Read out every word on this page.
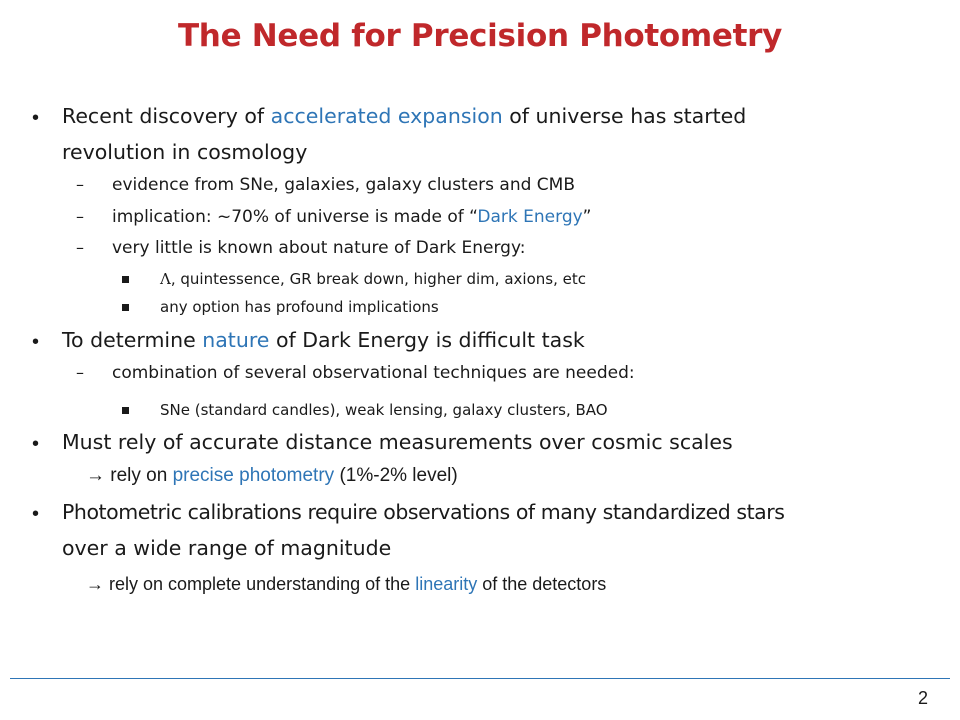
The Need for Precision Photometry
• Recent discovery of accelerated expansion of universe has started
revolution in cosmology
– evidence from SNe, galaxies, galaxy clusters and CMB
– implication: ~70% of universe is made of “Dark Energy”
– very little is known about nature of Dark Energy:
Λ, quintessence, GR break down, higher dim, axions, etc
any option has profound implications
• To determine nature of Dark Energy is difficult task
– combination of several observational techniques are needed:
SNe (standard candles), weak lensing, galaxy clusters, BAO
• Must rely of accurate distance measurements over cosmic scales
→ rely on precise photometry (1%-2% level)
• Photometric calibrations require observations of many standardized stars
over a wide range of magnitude
→ rely on complete understanding of the linearity of the detectors
2
